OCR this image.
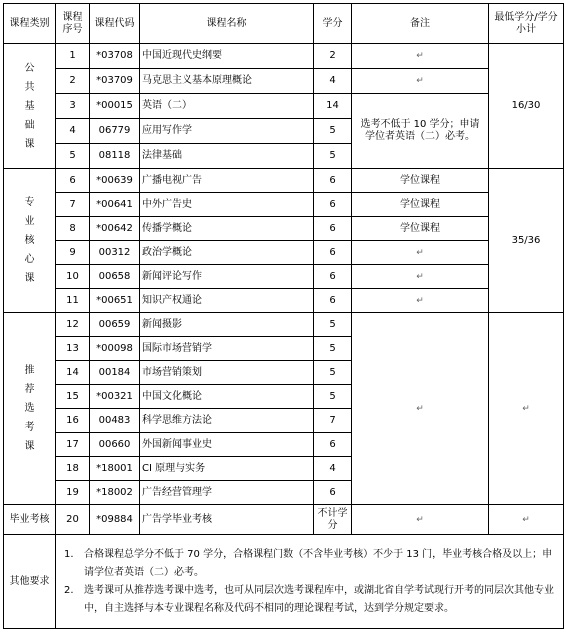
课程类别	课程序号	课程代码	课程名称	学分	备注	最低学分/学分小计
公共基础课	1	*03708	中国近现代史纲要	2	↵	16/30
	2	*03709	马克思主义基本原理概论	4	↵	
	3	*00015	英语（二）	14	选考不低于 10 学分；申请学位者英语（二）必考。	
	4	06779	应用写作学	5		
	5	08118	法律基础	5		
专业核心课	6	*00639	广播电视广告	6	学位课程	35/36
	7	*00641	中外广告史	6	学位课程	
	8	*00642	传播学概论	6	学位课程	
	9	00312	政治学概论	6	↵	
	10	00658	新闻评论写作	6	↵	
	11	*00651	知识产权通论	6	↵	
推荐选考课	12	00659	新闻摄影	5	↵	↵
	13	*00098	国际市场营销学	5		
	14	00184	市场营销策划	5		
	15	*00321	中国文化概论	5		
	16	00483	科学思维方法论	7		
	17	00660	外国新闻事业史	6		
	18	*18001	CI 原理与实务	4		
	19	*18002	广告经营管理学	6		
毕业考核	20	*09884	广告学毕业考核	不计学分	↵	↵
其他要求	1. 合格课程总学分不低于 70 学分，合格课程门数（不含毕业考核）不少于 13 门，毕业考核合格及以上；申请学位者英语（二）必考。
2. 选考课可从推荐选考课中选考，也可从同层次选考课程库中，或湖北省自学考试现行开考的同层次其他专业中，自主选择与本专业课程名称及代码不相同的理论课程考试，达到学分规定要求。					
